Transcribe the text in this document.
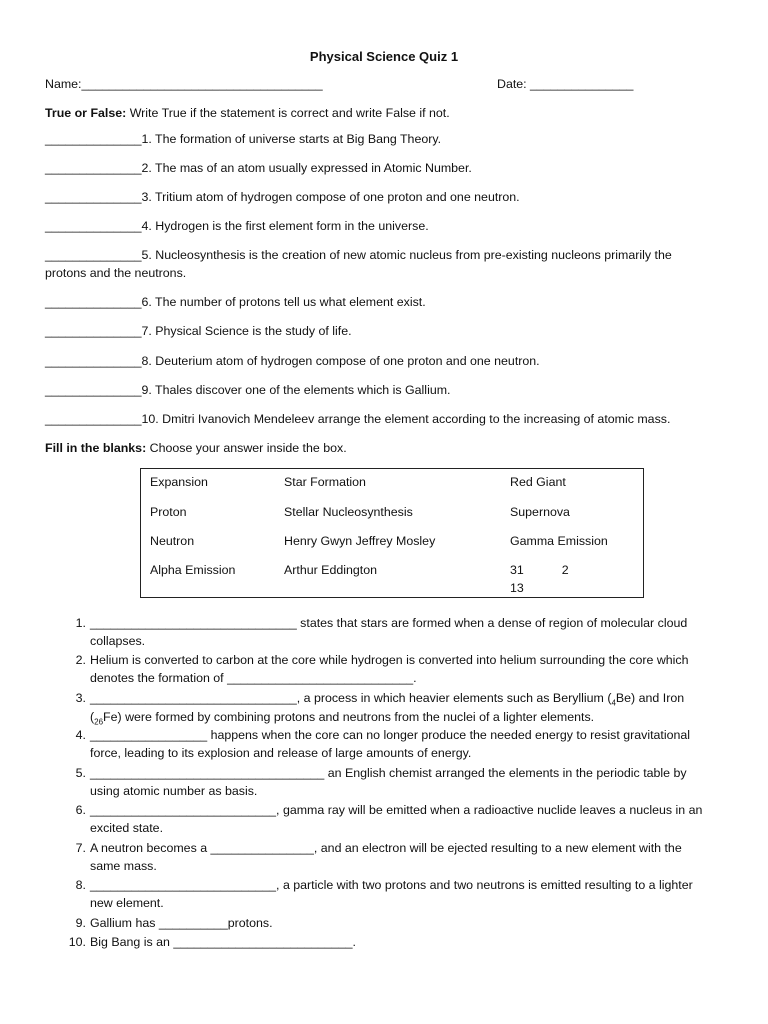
Physical Science Quiz 1
Name:___________________________________	Date: _______________
True or False: Write True if the statement is correct and write False if not.
______________1. The formation of universe starts at Big Bang Theory.
______________2. The mas of an atom usually expressed in Atomic Number.
______________3. Tritium atom of hydrogen compose of one proton and one neutron.
______________4. Hydrogen is the first element form in the universe.
______________5. Nucleosynthesis is the creation of new atomic nucleus from pre-existing nucleons primarily the protons and the neutrons.
______________6. The number of protons tell us what element exist.
______________7. Physical Science is the study of life.
______________8. Deuterium atom of hydrogen compose of one proton and one neutron.
______________9. Thales discover one of the elements which is Gallium.
______________10. Dmitri Ivanovich Mendeleev arrange the element according to the increasing of atomic mass.
Fill in the blanks: Choose your answer inside the box.
Expansion
Proton
Neutron
Alpha Emission
Star Formation
Stellar Nucleosynthesis
Henry Gwyn Jeffrey Mosley
Arthur Eddington
Red Giant
Supernova
Gamma Emission
31	213
1. ______________________________ states that stars are formed when a dense of region of molecular cloud collapses.
2. Helium is converted to carbon at the core while hydrogen is converted into helium surrounding the core which denotes the formation of ___________________________.
3. ______________________________, a process in which heavier elements such as Beryllium $(_4Be)$ and Iron $(_{26}Fe)$ were formed by combining protons and neutrons from the nuclei of a lighter elements.
4. _________________ happens when the core can no longer produce the needed energy to resist gravitational force, leading to its explosion and release of large amounts of energy.
5. __________________________________ an English chemist arranged the elements in the periodic table by using atomic number as basis.
6. ___________________________, gamma ray will be emitted when a radioactive nuclide leaves a nucleus in an excited state.
7. A neutron becomes a _______________, and an electron will be ejected resulting to a new element with the same mass.
8. ___________________________, a particle with two protons and two neutrons is emitted resulting to a lighter new element.
9. Gallium has __________protons.
10. Big Bang is an __________________________.
